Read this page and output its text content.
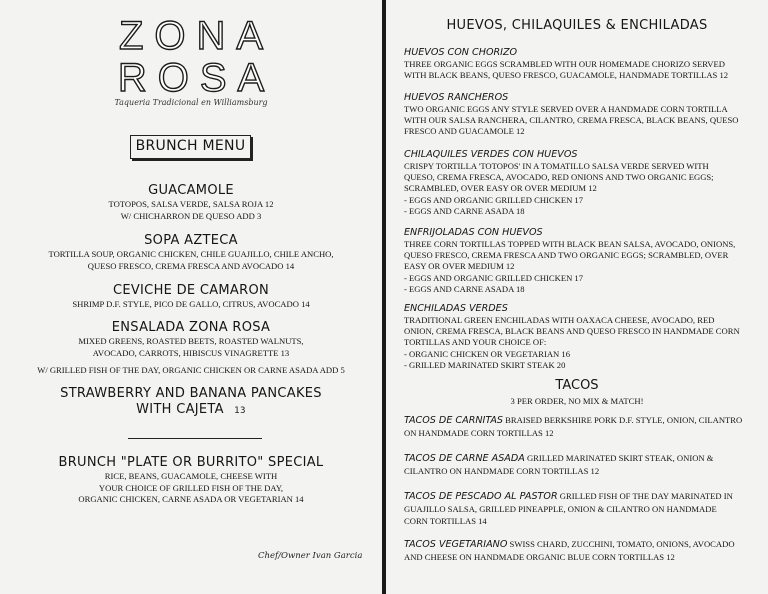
ZONA
ROSA
Taqueria Tradicional en Williamsburg
BRUNCH MENU
GUACAMOLE
TOTOPOS, SALSA VERDE, SALSA ROJA 12
W/ CHICHARRON DE QUESO ADD 3
SOPA AZTECA
TORTILLA SOUP, ORGANIC CHICKEN, CHILE GUAJILLO, CHILE ANCHO,
QUESO FRESCO, CREMA FRESCA AND AVOCADO 14
CEVICHE DE CAMARON
SHRIMP D.F. STYLE, PICO DE GALLO, CITRUS, AVOCADO 14
ENSALADA ZONA ROSA
MIXED GREENS, ROASTED BEETS, ROASTED WALNUTS,
AVOCADO, CARROTS, HIBISCUS VINAGRETTE 13
W/ GRILLED FISH OF THE DAY, ORGANIC CHICKEN OR CARNE ASADA ADD 5
STRAWBERRY AND BANANA PANCAKES
WITH CAJETA 13
BRUNCH "PLATE OR BURRITO" SPECIAL
RICE, BEANS, GUACAMOLE, CHEESE WITH
YOUR CHOICE OF GRILLED FISH OF THE DAY,
ORGANIC CHICKEN, CARNE ASADA OR VEGETARIAN 14
Chef/Owner Ivan Garcia
HUEVOS, CHILAQUILES & ENCHILADAS
HUEVOS CON CHORIZO
THREE ORGANIC EGGS SCRAMBLED WITH OUR HOMEMADE CHORIZO SERVED
WITH BLACK BEANS, QUESO FRESCO, GUACAMOLE, HANDMADE TORTILLAS 12
HUEVOS RANCHEROS
TWO ORGANIC EGGS ANY STYLE SERVED OVER A HANDMADE CORN TORTILLA
WITH OUR SALSA RANCHERA, CILANTRO, CREMA FRESCA, BLACK BEANS, QUESO
FRESCO AND GUACAMOLE 12
CHILAQUILES VERDES CON HUEVOS
CRISPY TORTILLA 'TOTOPOS' IN A TOMATILLO SALSA VERDE SERVED WITH
QUESO, CREMA FRESCA, AVOCADO, RED ONIONS AND TWO ORGANIC EGGS;
SCRAMBLED, OVER EASY OR OVER MEDIUM 12
- EGGS AND ORGANIC GRILLED CHICKEN 17
- EGGS AND CARNE ASADA 18
ENFRIJOLADAS CON HUEVOS
THREE CORN TORTILLAS TOPPED WITH BLACK BEAN SALSA, AVOCADO, ONIONS,
QUESO FRESCO, CREMA FRESCA AND TWO ORGANIC EGGS; SCRAMBLED, OVER
EASY OR OVER MEDIUM 12
- EGGS AND ORGANIC GRILLED CHICKEN 17
- EGGS AND CARNE ASADA 18
ENCHILADAS VERDES
TRADITIONAL GREEN ENCHILADAS WITH OAXACA CHEESE, AVOCADO, RED
ONION, CREMA FRESCA, BLACK BEANS AND QUESO FRESCO IN HANDMADE CORN
TORTILLAS AND YOUR CHOICE OF:
- ORGANIC CHICKEN OR VEGETARIAN 16
- GRILLED MARINATED SKIRT STEAK 20
TACOS
3 PER ORDER, NO MIX & MATCH!
TACOS DE CARNITAS BRAISED BERKSHIRE PORK D.F. STYLE, ONION, CILANTRO
ON HANDMADE CORN TORTILLAS 12
TACOS DE CARNE ASADA GRILLED MARINATED SKIRT STEAK, ONION &
CILANTRO ON HANDMADE CORN TORTILLAS 12
TACOS DE PESCADO AL PASTOR GRILLED FISH OF THE DAY MARINATED IN
GUAJILLO SALSA, GRILLED PINEAPPLE, ONION & CILANTRO ON HANDMADE
CORN TORTILLAS 14
TACOS VEGETARIANO SWISS CHARD, ZUCCHINI, TOMATO, ONIONS, AVOCADO
AND CHEESE ON HANDMADE ORGANIC BLUE CORN TORTILLAS 12
